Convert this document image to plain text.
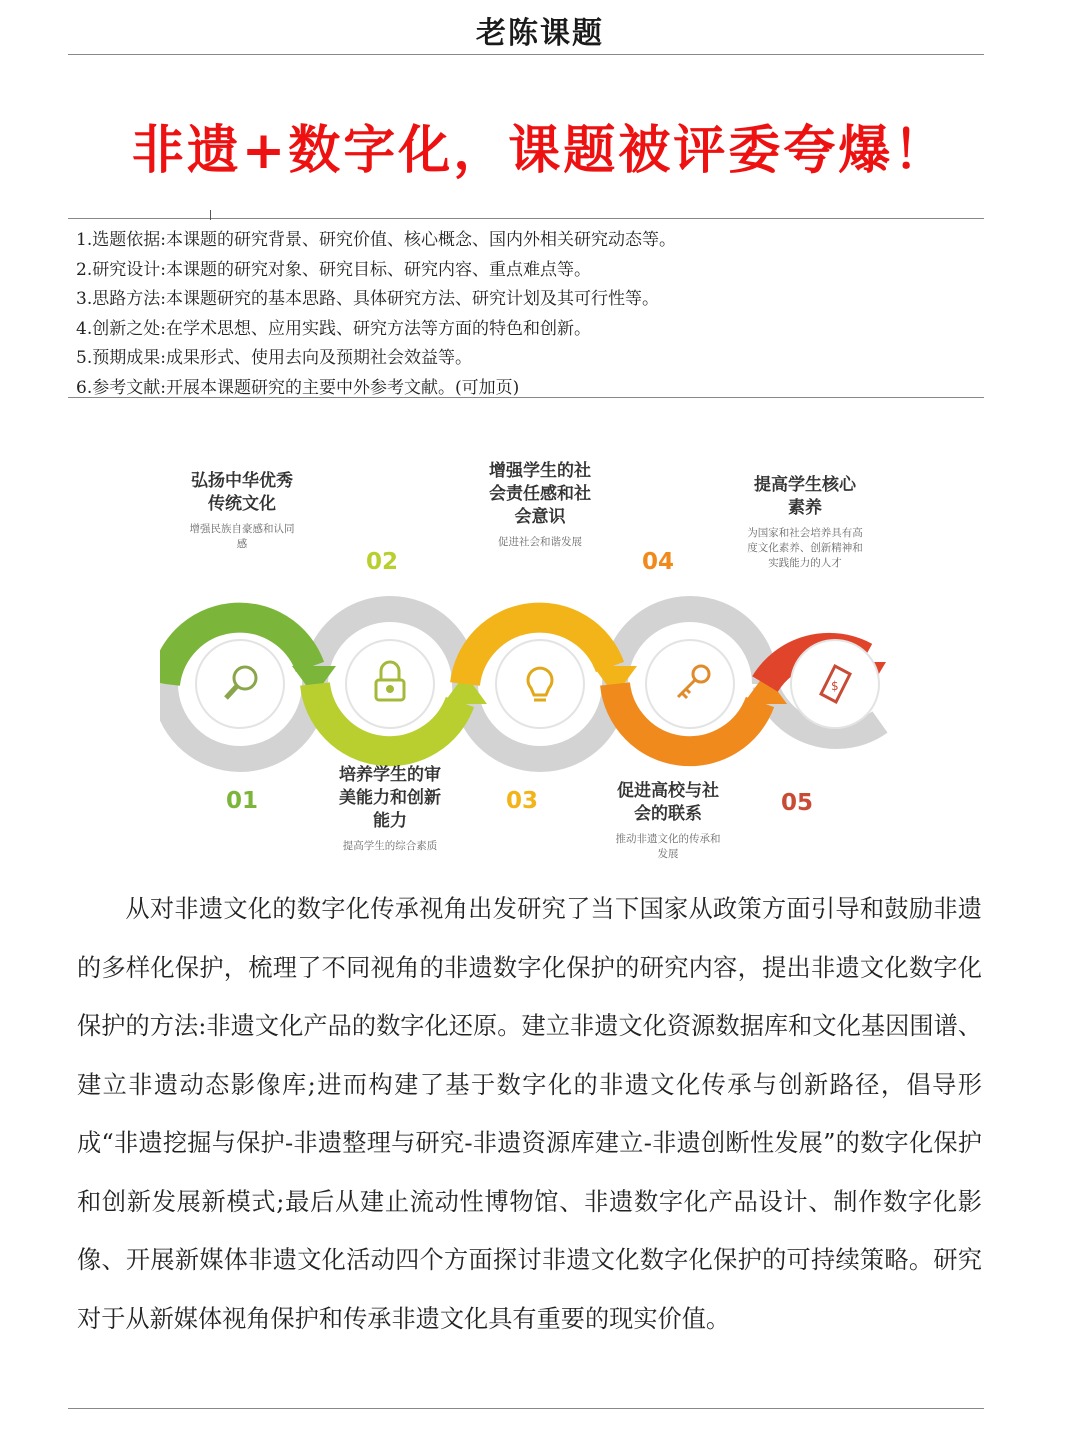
老陈课题
非遗+数字化，课题被评委夸爆！
1.选题依据:本课题的研究背景、研究价值、核心概念、国内外相关研究动态等。
2.研究设计:本课题的研究对象、研究目标、研究内容、重点难点等。
3.思路方法:本课题研究的基本思路、具体研究方法、研究计划及其可行性等。
4.创新之处:在学术思想、应用实践、研究方法等方面的特色和创新。
5.预期成果:成果形式、使用去向及预期社会效益等。
6.参考文献:开展本课题研究的主要中外参考文献。(可加页)
$
弘扬中华优秀传统文化
增强民族自豪感和认同感
01
培养学生的审美能力和创新能力
提高学生的综合素质
02
增强学生的社会责任感和社会意识
促进社会和谐发展
03	促进高校与社会的联系
推动非遗文化的传承和发展
04
提高学生核心素养
为国家和社会培养具有高度文化素养、创新精神和实践能力的人才
05

从对非遗文化的数字化传承视角出发研究了当下国家从政策方面引导和鼓励非遗的多样化保护，梳理了不同视角的非遗数字化保护的研究内容，提出非遗文化数字化保护的方法:非遗文化产品的数字化还原。建立非遗文化资源数据库和文化基因围谱、建立非遗动态影像库;进而构建了基于数字化的非遗文化传承与创新路径，倡导形成“非遗挖掘与保护-非遗整理与研究-非遗资源库建立-非遗创断性发展”的数字化保护和创新发展新模式;最后从建止流动性博物馆、非遗数字化产品设计、制作数字化影像、开展新媒体非遗文化活动四个方面探讨非遗文化数字化保护的可持续策略。研究对于从新媒体视角保护和传承非遗文化具有重要的现实价值。
